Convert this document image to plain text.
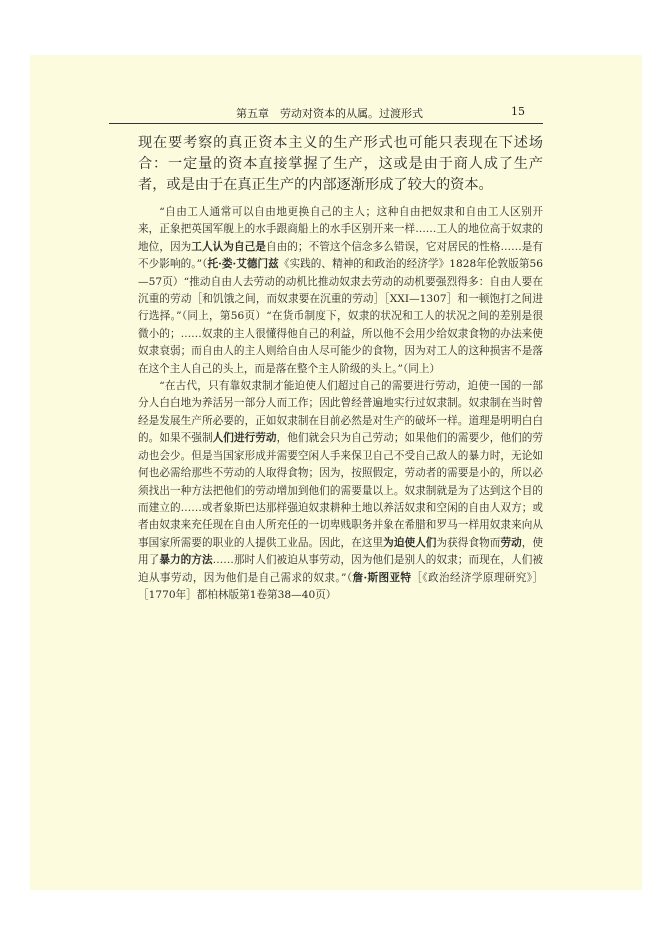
第五章　劳动对资本的从属。过渡形式	15

现在要考察的真正资本主义的生产形式也可能只表现在下述场合：一定量的资本直接掌握了生产，这或是由于商人成了生产者，或是由于在真正生产的内部逐渐形成了较大的资本。

“自由工人通常可以自由地更换自己的主人；这种自由把奴隶和自由工人区别开来，正象把英国军舰上的水手跟商船上的水手区别开来一样……工人的地位高于奴隶的地位，因为工人认为自己是自由的；不管这个信念多么错误，它对居民的性格……是有不少影响的。”（托·娄·艾德门兹《实践的、精神的和政治的经济学》1828年伦敦版第56—57页）“推动自由人去劳动的动机比推动奴隶去劳动的动机要强烈得多：自由人要在沉重的劳动［和饥饿之间，而奴隶要在沉重的劳动］［XXI—1307］和一顿饱打之间进行选择。”（同上，第56页）“在货币制度下，奴隶的状况和工人的状况之间的差别是很微小的；……奴隶的主人很懂得他自己的利益，所以他不会用少给奴隶食物的办法来使奴隶衰弱；而自由人的主人则给自由人尽可能少的食物，因为对工人的这种损害不是落在这个主人自己的头上，而是落在整个主人阶级的头上。”（同上）

“在古代，只有靠奴隶制才能迫使人们超过自己的需要进行劳动，迫使一国的一部分人白白地为养活另一部分人而工作；因此曾经普遍地实行过奴隶制。奴隶制在当时曾经是发展生产所必要的，正如奴隶制在目前必然是对生产的破坏一样。道理是明明白白的。如果不强制人们进行劳动，他们就会只为自己劳动；如果他们的需要少，他们的劳动也会少。但是当国家形成并需要空闲人手来保卫自己不受自己敌人的暴力时，无论如何也必需给那些不劳动的人取得食物；因为，按照假定，劳动者的需要是小的，所以必须找出一种方法把他们的劳动增加到他们的需要量以上。奴隶制就是为了达到这个目的而建立的……或者象斯巴达那样强迫奴隶耕种土地以养活奴隶和空闲的自由人双方；或者由奴隶来充任现在自由人所充任的一切卑贱职务并象在希腊和罗马一样用奴隶来向从事国家所需要的职业的人提供工业品。因此，在这里为迫使人们为获得食物而劳动，使用了暴力的方法……那时人们被迫从事劳动，因为他们是别人的奴隶；而现在，人们被迫从事劳动，因为他们是自己需求的奴隶。”（詹·斯图亚特［《政治经济学原理研究》］［1770年］都柏林版第1卷第38—40页）
